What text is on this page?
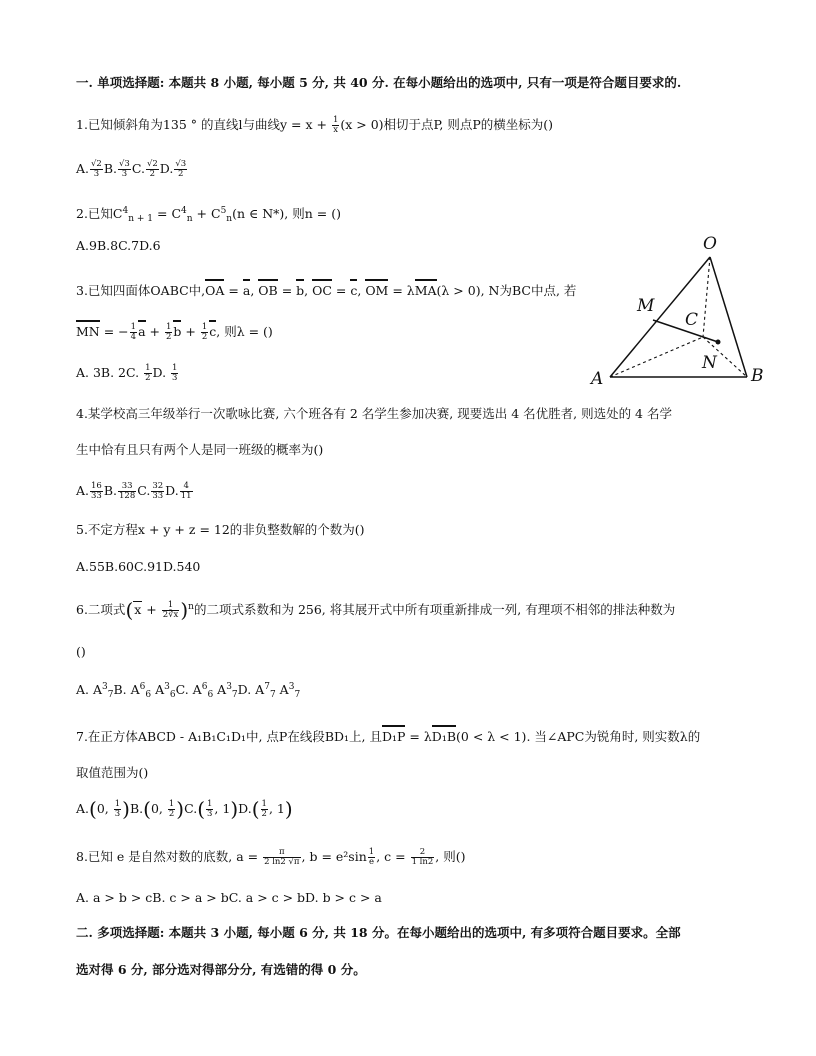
一. 单项选择题: 本题共 8 小题, 每小题 5 分, 共 40 分. 在每小题给出的选项中, 只有一项是符合题目要求的.
1.已知倾斜角为135 ° 的直线l与曲线$y = x + \frac{1}{x} (x > 0)$相切于点P, 则点P的横坐标为()
A. $\frac{√2}{3} B$. $\frac{√3}{3} C$. $\frac{√2}{2} D$. $\frac{√3}{2}$
2.已知$C^4_{n + 1} = C^4_n + C^5_n(n$ ∈ N*), 则n = ()
A.9B.8C.7D.6
3.已知四面体OABC中,OA = a, OB = b, OC = c, OM = λMA(λ > 0), N为BC中点, 若
MN = − $\frac{1}{4}$ $a + \frac{1}{2}$ $b + \frac{1}{2} c$, 则λ = ()
A. 3B. 2C. $\frac{1}{2} D$. $\frac{1}{3}$
O
M
C
N
A	B
4.某学校高三年级举行一次歌咏比赛, 六个班各有 2 名学生参加决赛, 现要选出 4 名优胜者, 则选处的 4 名学
生中恰有且只有两个人是同一班级的概率为()
A. $\frac{16}{33} B$. $\frac{33}{128} C$. $\frac{32}{33} D$. $\frac{4}{11}$
5.不定方程x + y + z = 12的非负整数解的个数为()
A.55B.60C.91D.540
6.二项式$(x + \frac{1}{2∛x} )^n$的二项式系数和为 256, 将其展开式中所有项重新排成一列, 有理项不相邻的排法种数为
()
A. $A^3_7B$. $A^6_6$ $A^3_6C$. $A^6_6$ $A^3_7D$. $A^7_7$ $A^3_7$
7.在正方体ABCD - A₁B₁C₁D₁中, 点P在线段BD₁上, 且D₁P = λD₁B(0 < λ < 1). 当∠APC为锐角时, 则实数λ的
取值范围为()
A.(0, $\frac{1}{3} )B.(0$, $\frac{1}{2} )C.( \frac{1}{3}$ , $1)D.( \frac{1}{2}$ , 1)
8.已知 e 是自然对数的底数, $a = \frac{\pi}{2 \ln 2 √\pi}$ , $b = e^2\sin \frac{1}{e}$ , $c = \frac{2}{1 \ln 2}$ , 则()
A. a > b > cB. c > a > bC. a > c > bD. b > c > a
二. 多项选择题: 本题共 3 小题, 每小题 6 分, 共 18 分。在每小题给出的选项中, 有多项符合题目要求。全部
选对得 6 分, 部分选对得部分分, 有选错的得 0 分。
